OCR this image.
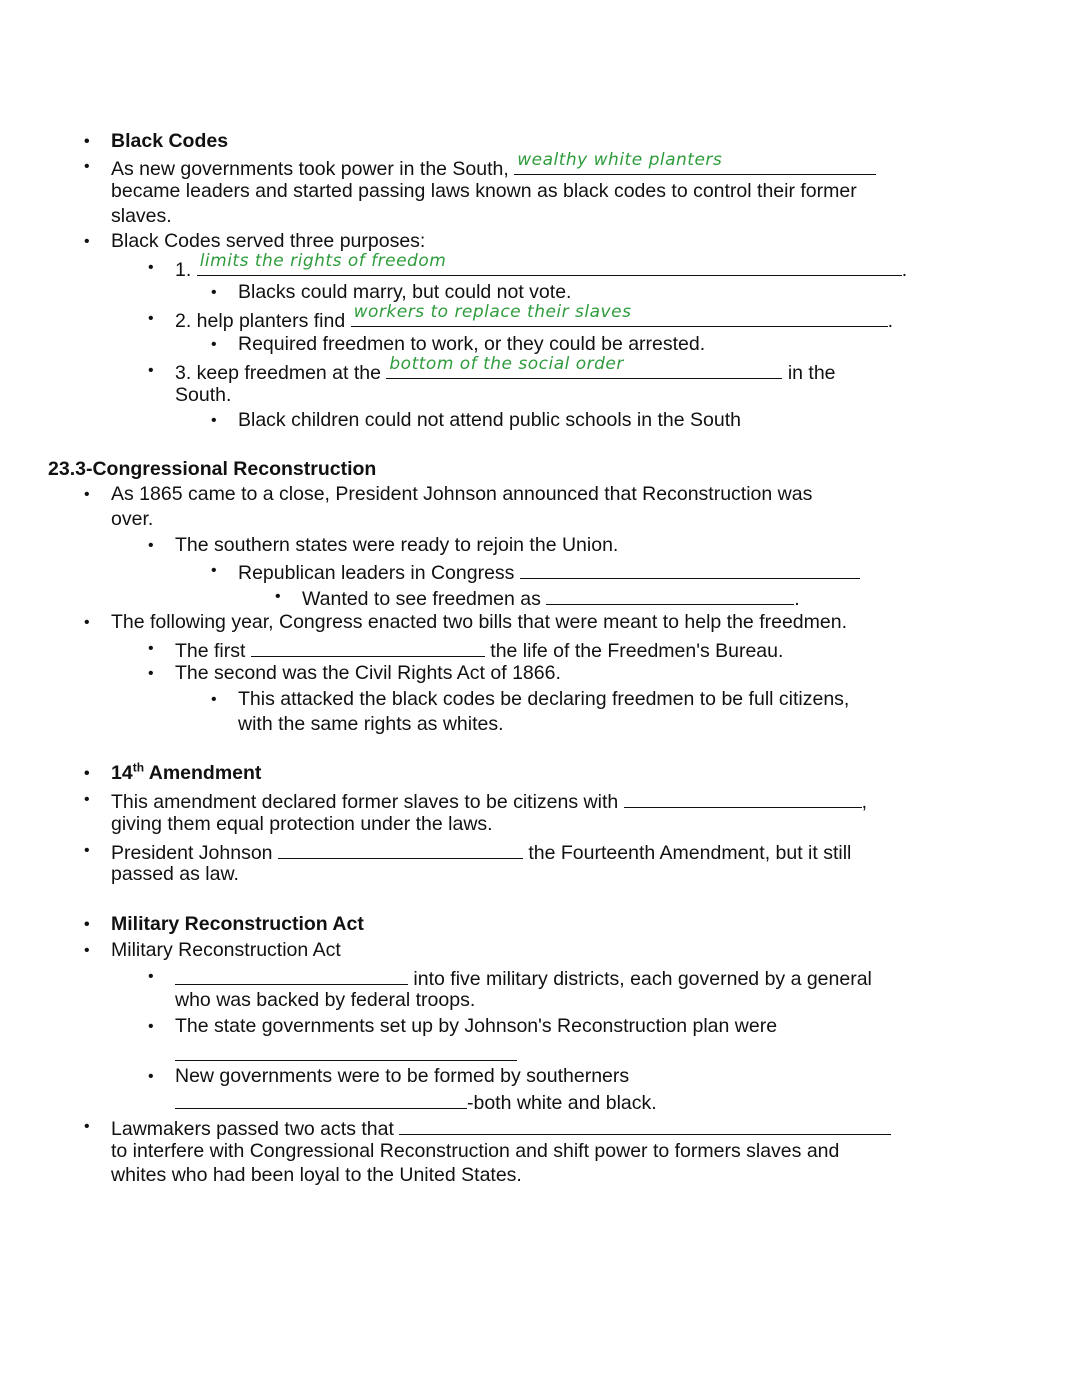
• Black Codes
• As new governments took power in the South, wealthy white planters
became leaders and started passing laws known as black codes to control their former
slaves.
• Black Codes served three purposes:
• 1. limits the rights of freedom	.
• Blacks could marry, but could not vote.
• 2. help planters find workers to replace their slaves	.
• Required freedmen to work, or they could be arrested.
• 3. keep freedmen at the bottom of the social order	in the
South.
• Black children could not attend public schools in the South
23.3-Congressional Reconstruction
• As 1865 came to a close, President Johnson announced that Reconstruction was
over.
• The southern states were ready to rejoin the Union.
• Republican leaders in Congress
• Wanted to see freedmen as	.
• The following year, Congress enacted two bills that were meant to help the freedmen.
• The first	the life of the Freedmen's Bureau.
• The second was the Civil Rights Act of 1866.
• This attacked the black codes be declaring freedmen to be full citizens,
with the same rights as whites.
• 14th Amendment
• This amendment declared former slaves to be citizens with	,
giving them equal protection under the laws.
• President Johnson	the Fourteenth Amendment, but it still
passed as law.
• Military Reconstruction Act
• Military Reconstruction Act
• into five military districts, each governed by a general
who was backed by federal troops.
• The state governments set up by Johnson's Reconstruction plan were
• New governments were to be formed by southerners
-both white and black.
• Lawmakers passed two acts that
to interfere with Congressional Reconstruction and shift power to formers slaves and
whites who had been loyal to the United States.
